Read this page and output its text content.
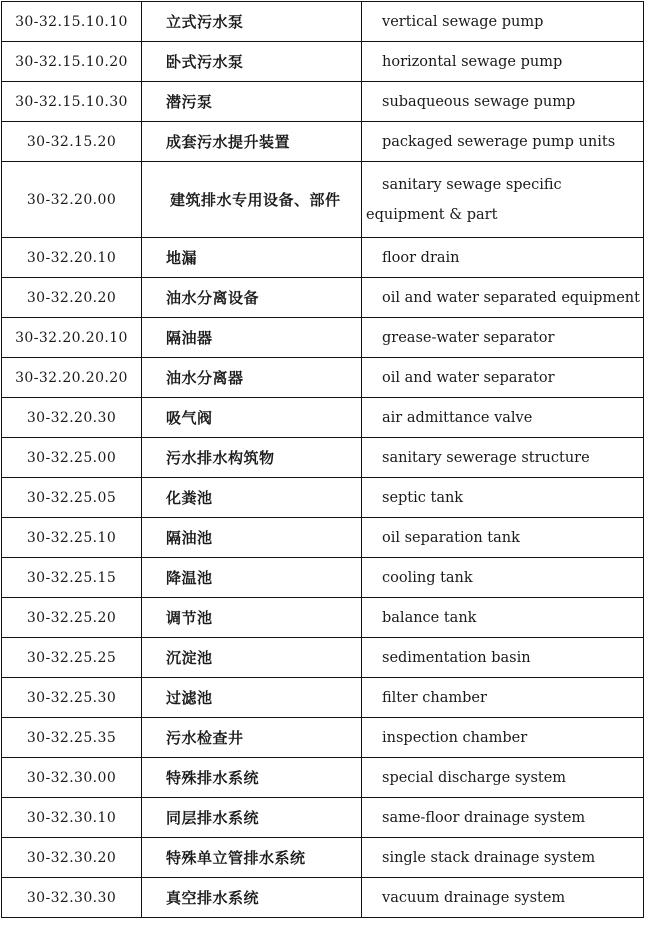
30-32.15.10.10	立式污水泵	vertical sewage pump
30-32.15.10.20	卧式污水泵	horizontal sewage pump
30-32.15.10.30	潜污泵	subaqueous sewage pump
30-32.15.20	成套污水提升装置	packaged sewerage pump units
30-32.20.00	建筑排水专用设备、部件	sanitary sewage specific equipment & part
30-32.20.10	地漏	floor drain
30-32.20.20	油水分离设备	oil and water separated equipment
30-32.20.20.10	隔油器	grease-water separator
30-32.20.20.20	油水分离器	oil and water separator
30-32.20.30	吸气阀	air admittance valve
30-32.25.00	污水排水构筑物	sanitary sewerage structure
30-32.25.05	化粪池	septic tank
30-32.25.10	隔油池	oil separation tank
30-32.25.15	降温池	cooling tank
30-32.25.20	调节池	balance tank
30-32.25.25	沉淀池	sedimentation basin
30-32.25.30	过滤池	filter chamber
30-32.25.35	污水检查井	inspection chamber
30-32.30.00	特殊排水系统	special discharge system
30-32.30.10	同层排水系统	same-floor drainage system
30-32.30.20	特殊单立管排水系统	single stack drainage system
30-32.30.30	真空排水系统	vacuum drainage system
